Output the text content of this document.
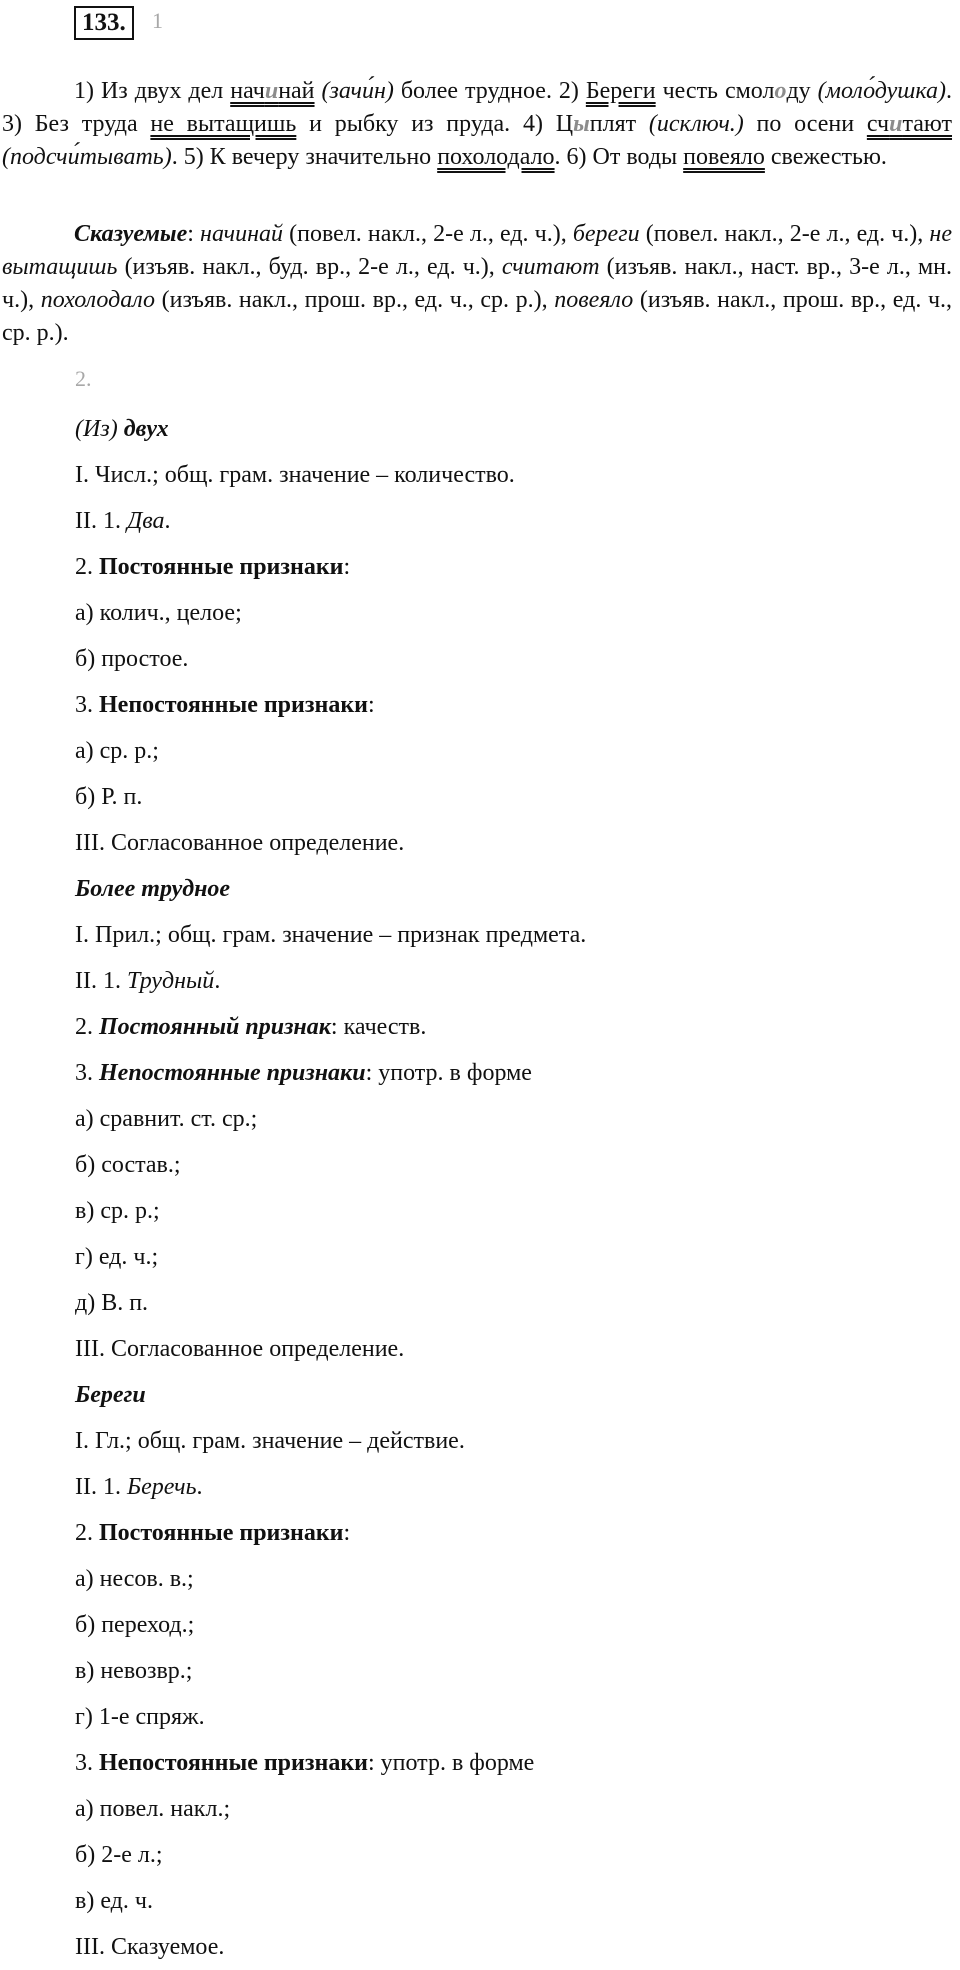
133.	1

1) Из двух дел начинай (зачи́н) более трудное. 2) Береги честь смолоду (моло́душка). 3) Без труда не вытащишь и рыбку из пруда. 4) Цыплят (исключ.) по осени считают (подсчи́тывать). 5) К вечеру значительно похолодало. 6) От воды повеяло свежестью.

Сказуемые: начинай (повел. накл., 2-е л., ед. ч.), береги (повел. накл., 2-е л., ед. ч.), не вытащишь (изъяв. накл., буд. вр., 2-е л., ед. ч.), считают (изъяв. накл., наст. вр., 3-е л., мн. ч.), похолодало (изъяв. накл., прош. вр., ед. ч., ср. р.), повеяло (изъяв. накл., прош. вр., ед. ч., ср. р.).

2.
(Из) двух
I. Числ.; общ. грам. значение – количество.
II. 1. Два.
2. Постоянные признаки:
а) колич., целое;
б) простое.
3. Непостоянные признаки:
а) ср. р.;
б) Р. п.
III. Согласованное определение.
Более трудное
I. Прил.; общ. грам. значение – признак предмета.
II. 1. Трудный.
2. Постоянный признак: качеств.
3. Непостоянные признаки: употр. в форме
а) сравнит. ст. ср.;
б) состав.;
в) ср. р.;
г) ед. ч.;
д) В. п.
III. Согласованное определение.
Береги
I. Гл.; общ. грам. значение – действие.
II. 1. Беречь.
2. Постоянные признаки:
а) несов. в.;
б) переход.;
в) невозвр.;
г) 1-е спряж.
3. Непостоянные признаки: употр. в форме
а) повел. накл.;
б) 2-е л.;
в) ед. ч.
III. Сказуемое.
